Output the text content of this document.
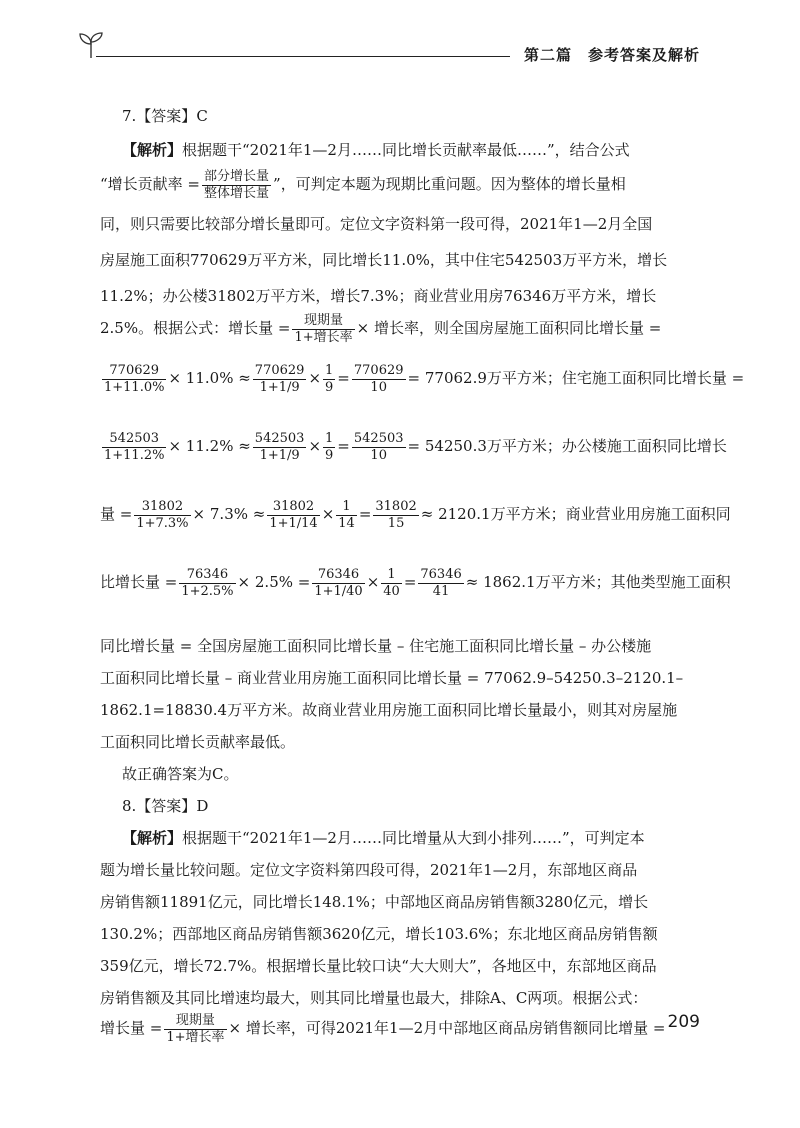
第二篇　参考答案及解析
7.【答案】C
【解析】根据题干“2021年1—2月……同比增长贡献率最低……”，结合公式
“增长贡献率 = $\frac{\text{部分增长量}}{\text{整体增长量}}$ ”，可判定本题为现期比重问题。因为整体的增长量相
同，则只需要比较部分增长量即可。定位文字资料第一段可得，2021年1—2月全国
房屋施工面积770629万平方米，同比增长11.0%，其中住宅542503万平方米，增长
11.2%；办公楼31802万平方米，增长7.3%；商业营业用房76346万平方米，增长
2.5%。根据公式：增长量 = $\frac{\text{现期量}}{\text{1+增长率}}$ × 增长率，则全国房屋施工面积同比增长量 =
$\frac{770629}{1+11.0\%} \times 11.0\% \approx \frac{770629}{1+1/9} \times \frac{1}{9} = \frac{770629}{10} = 77062.9$万平方米；住宅施工面积同比增长量 =
$\frac{542503}{1+11.2\%} \times 11.2\% \approx \frac{542503}{1+1/9} \times \frac{1}{9} = \frac{542503}{10} = 54250.3$万平方米；办公楼施工面积同比增长
量 = $\frac{31802}{1+7.3\%} \times 7.3\% \approx \frac{31802}{1+1/14} \times \frac{1}{14} = \frac{31802}{15} \approx 2120.1$万平方米；商业营业用房施工面积同
比增长量 = $\frac{76346}{1+2.5\%} \times 2.5\% = \frac{76346}{1+1/40} \times \frac{1}{40} = \frac{76346}{41} \approx 1862.1$万平方米；其他类型施工面积
同比增长量 = 全国房屋施工面积同比增长量 – 住宅施工面积同比增长量 – 办公楼施
工面积同比增长量 – 商业营业用房施工面积同比增长量 = 77062.9–54250.3–2120.1–
1862.1=18830.4万平方米。故商业营业用房施工面积同比增长量最小，则其对房屋施
工面积同比增长贡献率最低。
故正确答案为C。
8.【答案】D
【解析】根据题干“2021年1—2月……同比增量从大到小排列……”，可判定本
题为增长量比较问题。定位文字资料第四段可得，2021年1—2月，东部地区商品
房销售额11891亿元，同比增长148.1%；中部地区商品房销售额3280亿元，增长
130.2%；西部地区商品房销售额3620亿元，增长103.6%；东北地区商品房销售额
359亿元，增长72.7%。根据增长量比较口诀“大大则大”，各地区中，东部地区商品
房销售额及其同比增速均最大，则其同比增量也最大，排除A、C两项。根据公式：
增长量 = $\frac{\text{现期量}}{\text{1+增长率}}$ × 增长率，可得2021年1—2月中部地区商品房销售额同比增量 = 209
